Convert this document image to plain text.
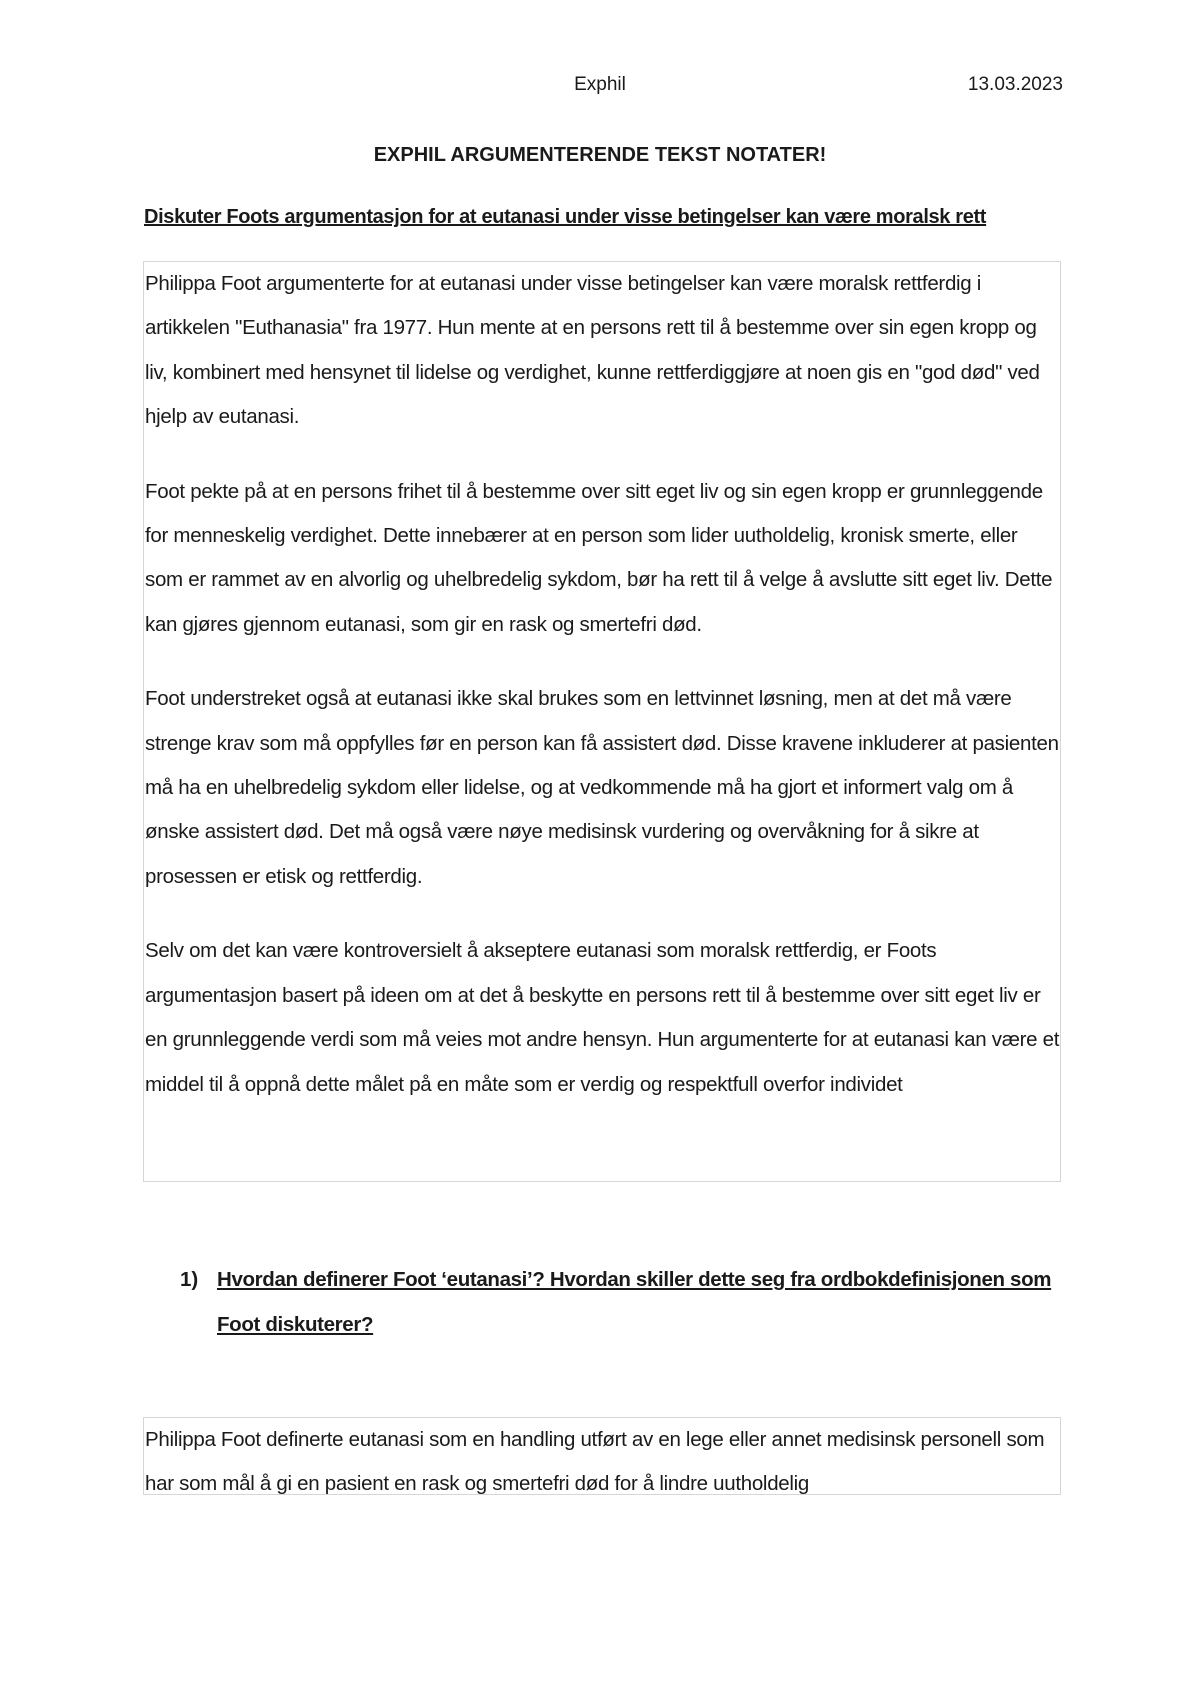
Exphil	13.03.2023
EXPHIL ARGUMENTERENDE TEKST NOTATER!
Diskuter Foots argumentasjon for at eutanasi under visse betingelser kan være moralsk rett

Philippa Foot argumenterte for at eutanasi under visse betingelser kan være moralsk rettferdig i artikkelen "Euthanasia" fra 1977. Hun mente at en persons rett til å bestemme over sin egen kropp og liv, kombinert med hensynet til lidelse og verdighet, kunne rettferdiggjøre at noen gis en "god død" ved hjelp av eutanasi.

Foot pekte på at en persons frihet til å bestemme over sitt eget liv og sin egen kropp er grunnleggende for menneskelig verdighet. Dette innebærer at en person som lider uutholdelig, kronisk smerte, eller som er rammet av en alvorlig og uhelbredelig sykdom, bør ha rett til å velge å avslutte sitt eget liv. Dette kan gjøres gjennom eutanasi, som gir en rask og smertefri død.

Foot understreket også at eutanasi ikke skal brukes som en lettvinnet løsning, men at det må være strenge krav som må oppfylles før en person kan få assistert død. Disse kravene inkluderer at pasienten må ha en uhelbredelig sykdom eller lidelse, og at vedkommende må ha gjort et informert valg om å ønske assistert død. Det må også være nøye medisinsk vurdering og overvåkning for å sikre at prosessen er etisk og rettferdig.

Selv om det kan være kontroversielt å akseptere eutanasi som moralsk rettferdig, er Foots argumentasjon basert på ideen om at det å beskytte en persons rett til å bestemme over sitt eget liv er en grunnleggende verdi som må veies mot andre hensyn. Hun argumenterte for at eutanasi kan være et middel til å oppnå dette målet på en måte som er verdig og respektfull overfor individet

1) Hvordan definerer Foot ‘eutanasi’? Hvordan skiller dette seg fra ordbokdefinisjonen som Foot diskuterer?

Philippa Foot definerte eutanasi som en handling utført av en lege eller annet medisinsk personell som har som mål å gi en pasient en rask og smertefri død for å lindre uutholdelig
